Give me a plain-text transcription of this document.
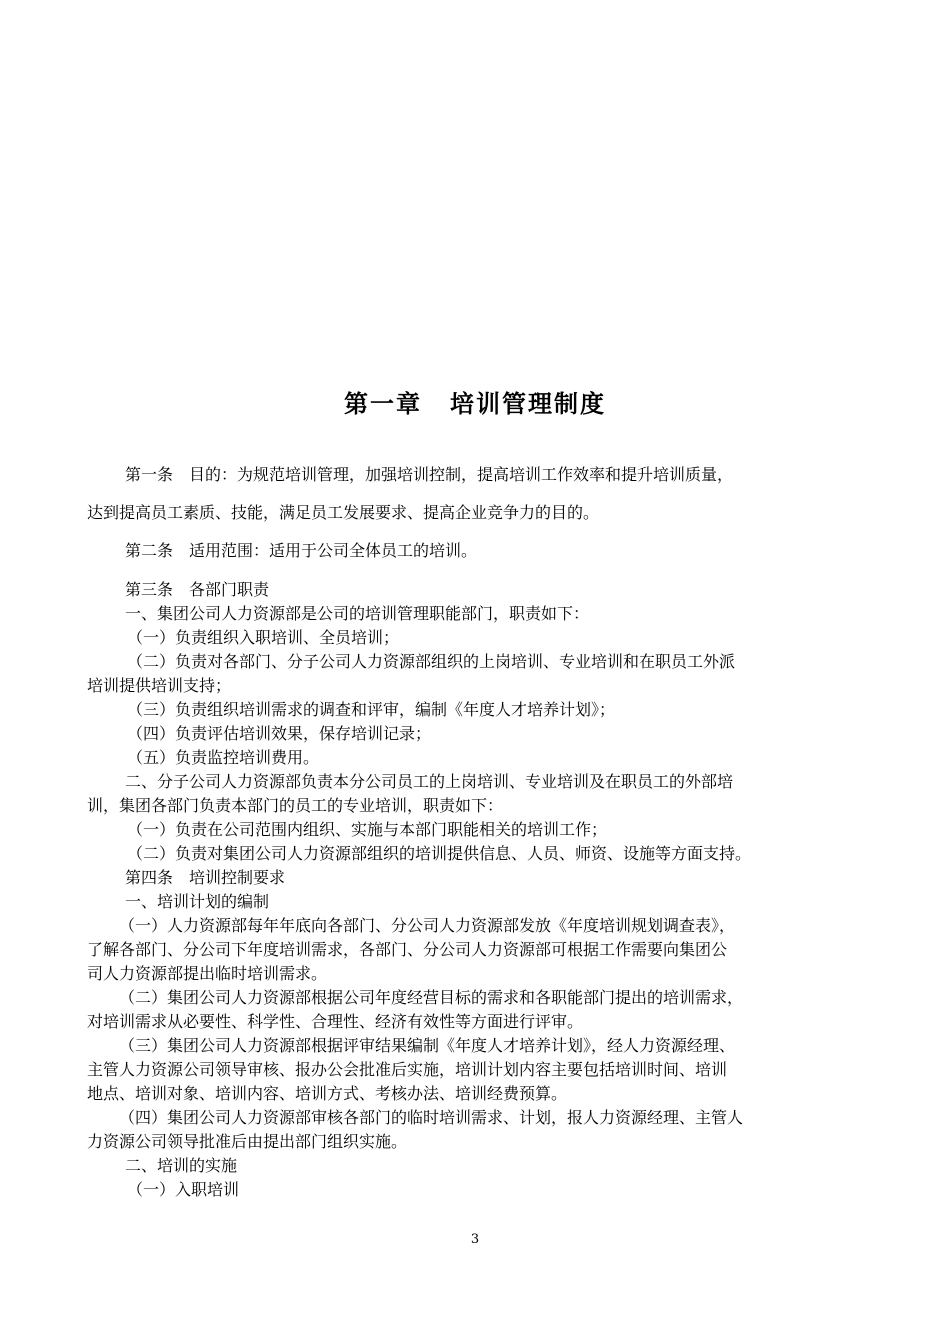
第一章 培训管理制度

第一条　目的：为规范培训管理，加强培训控制，提高培训工作效率和提升培训质量，

达到提高员工素质、技能，满足员工发展要求、提高企业竞争力的目的。

第二条　适用范围：适用于公司全体员工的培训。

第三条　各部门职责

一、集团公司人力资源部是公司的培训管理职能部门，职责如下：

（一）负责组织入职培训、全员培训；

（二）负责对各部门、分子公司人力资源部组织的上岗培训、专业培训和在职员工外派
培训提供培训支持；

（三）负责组织培训需求的调查和评审，编制《年度人才培养计划》；

（四）负责评估培训效果，保存培训记录；

（五）负责监控培训费用。

二、分子公司人力资源部负责本分公司员工的上岗培训、专业培训及在职员工的外部培
训，集团各部门负责本部门的员工的专业培训，职责如下：

（一）负责在公司范围内组织、实施与本部门职能相关的培训工作；

（二）负责对集团公司人力资源部组织的培训提供信息、人员、师资、设施等方面支持。

第四条　培训控制要求

一、培训计划的编制

（一）人力资源部每年年底向各部门、分公司人力资源部发放《年度培训规划调查表》，
了解各部门、分公司下年度培训需求，各部门、分公司人力资源部可根据工作需要向集团公
司人力资源部提出临时培训需求。

（二）集团公司人力资源部根据公司年度经营目标的需求和各职能部门提出的培训需求，
对培训需求从必要性、科学性、合理性、经济有效性等方面进行评审。

（三）集团公司人力资源部根据评审结果编制《年度人才培养计划》，经人力资源经理、
主管人力资源公司领导审核、报办公会批准后实施，培训计划内容主要包括培训时间、培训
地点、培训对象、培训内容、培训方式、考核办法、培训经费预算。

（四）集团公司人力资源部审核各部门的临时培训需求、计划，报人力资源经理、主管人
力资源公司领导批准后由提出部门组织实施。

二、培训的实施

（一）入职培训

3
